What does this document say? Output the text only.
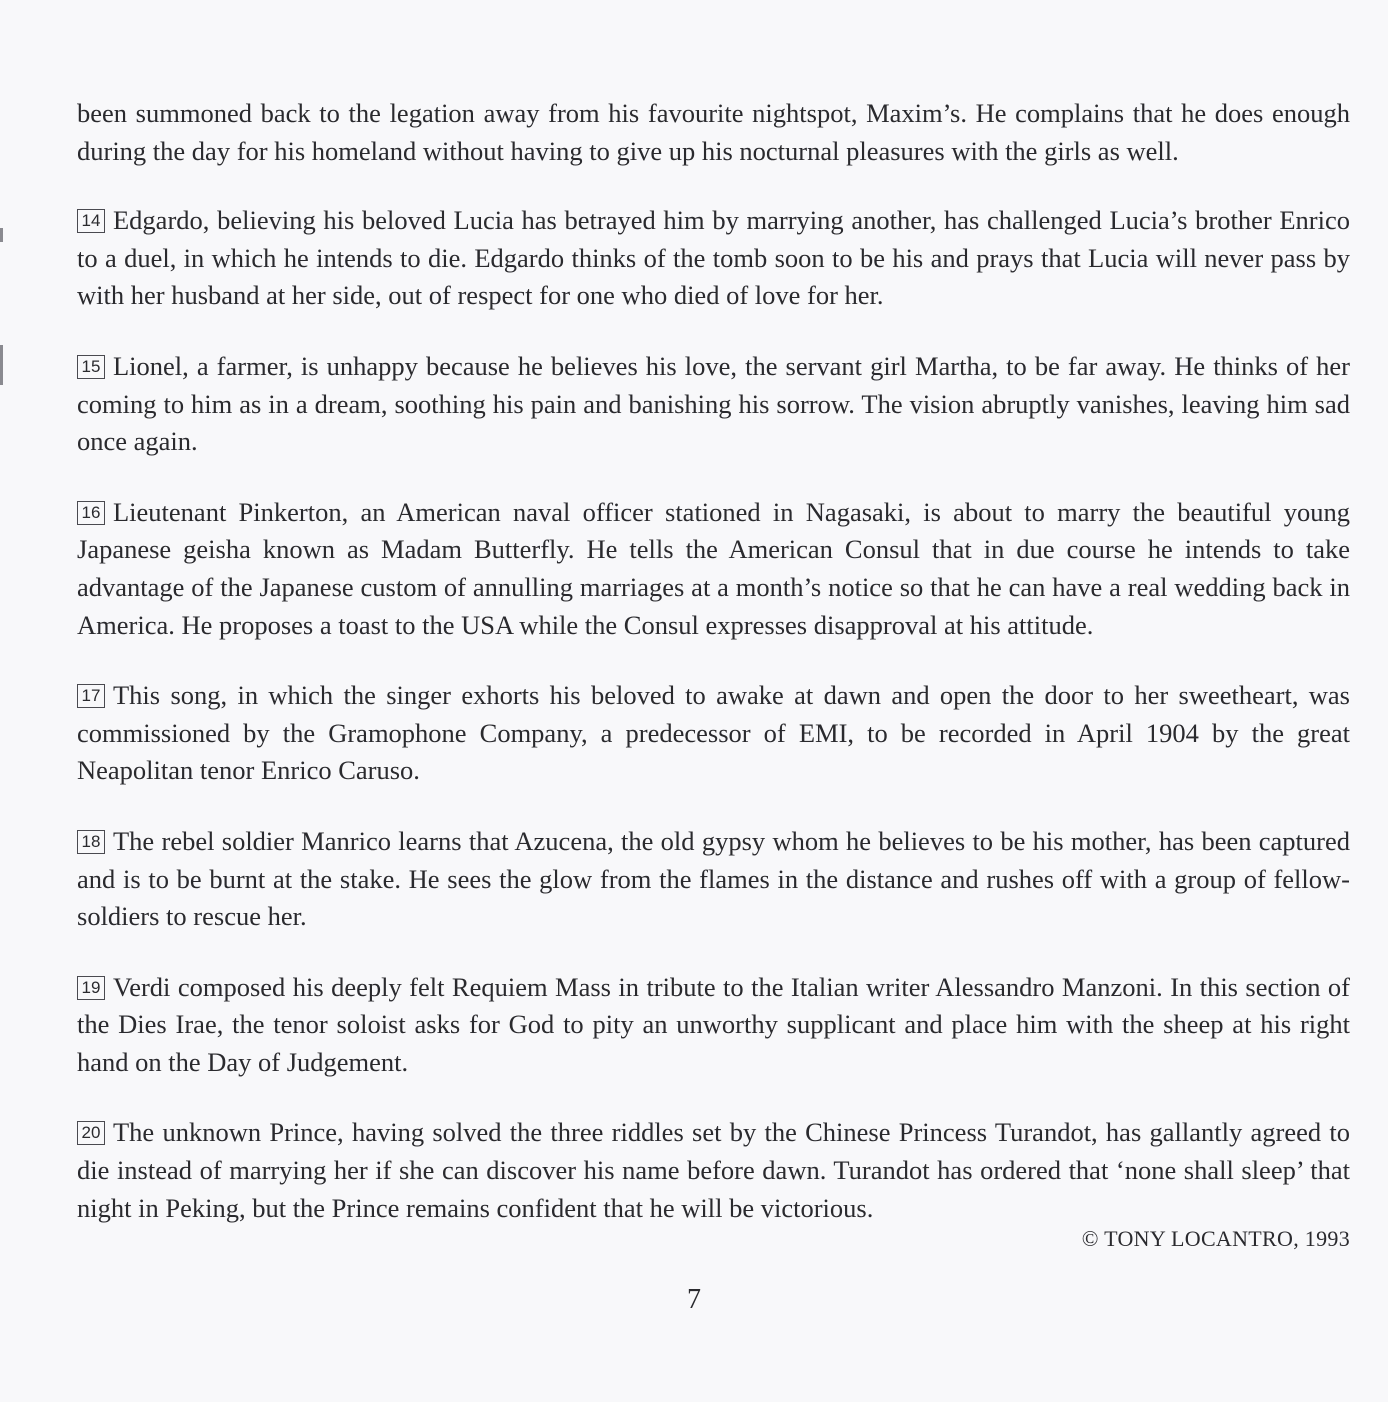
been summoned back to the legation away from his favourite nightspot, Maxim’s. He complains that he does enough during the day for his homeland without having to give up his nocturnal pleasures with the girls as well.

14 Edgardo, believing his beloved Lucia has betrayed him by marrying another, has challenged Lucia’s brother Enrico to a duel, in which he intends to die. Edgardo thinks of the tomb soon to be his and prays that Lucia will never pass by with her husband at her side, out of respect for one who died of love for her.

15 Lionel, a farmer, is unhappy because he believes his love, the servant girl Martha, to be far away. He thinks of her coming to him as in a dream, soothing his pain and banishing his sorrow. The vision abruptly vanishes, leaving him sad once again.

16 Lieutenant Pinkerton, an American naval officer stationed in Nagasaki, is about to marry the beautiful young Japanese geisha known as Madam Butterfly. He tells the American Consul that in due course he intends to take advantage of the Japanese custom of annulling marriages at a month’s notice so that he can have a real wedding back in America. He proposes a toast to the USA while the Consul expresses disapproval at his attitude.

17 This song, in which the singer exhorts his beloved to awake at dawn and open the door to her sweetheart, was commissioned by the Gramophone Company, a predecessor of EMI, to be recorded in April 1904 by the great Neapolitan tenor Enrico Caruso.

18 The rebel soldier Manrico learns that Azucena, the old gypsy whom he believes to be his mother, has been captured and is to be burnt at the stake. He sees the glow from the flames in the distance and rushes off with a group of fellow-soldiers to rescue her.

19 Verdi composed his deeply felt Requiem Mass in tribute to the Italian writer Alessandro Manzoni. In this section of the Dies Irae, the tenor soloist asks for God to pity an unworthy supplicant and place him with the sheep at his right hand on the Day of Judgement.

20 The unknown Prince, having solved the three riddles set by the Chinese Princess Turandot, has gallantly agreed to die instead of marrying her if she can discover his name before dawn. Turandot has ordered that ‘none shall sleep’ that night in Peking, but the Prince remains confident that he will be victorious.

© TONY LOCANTRO, 1993
7
